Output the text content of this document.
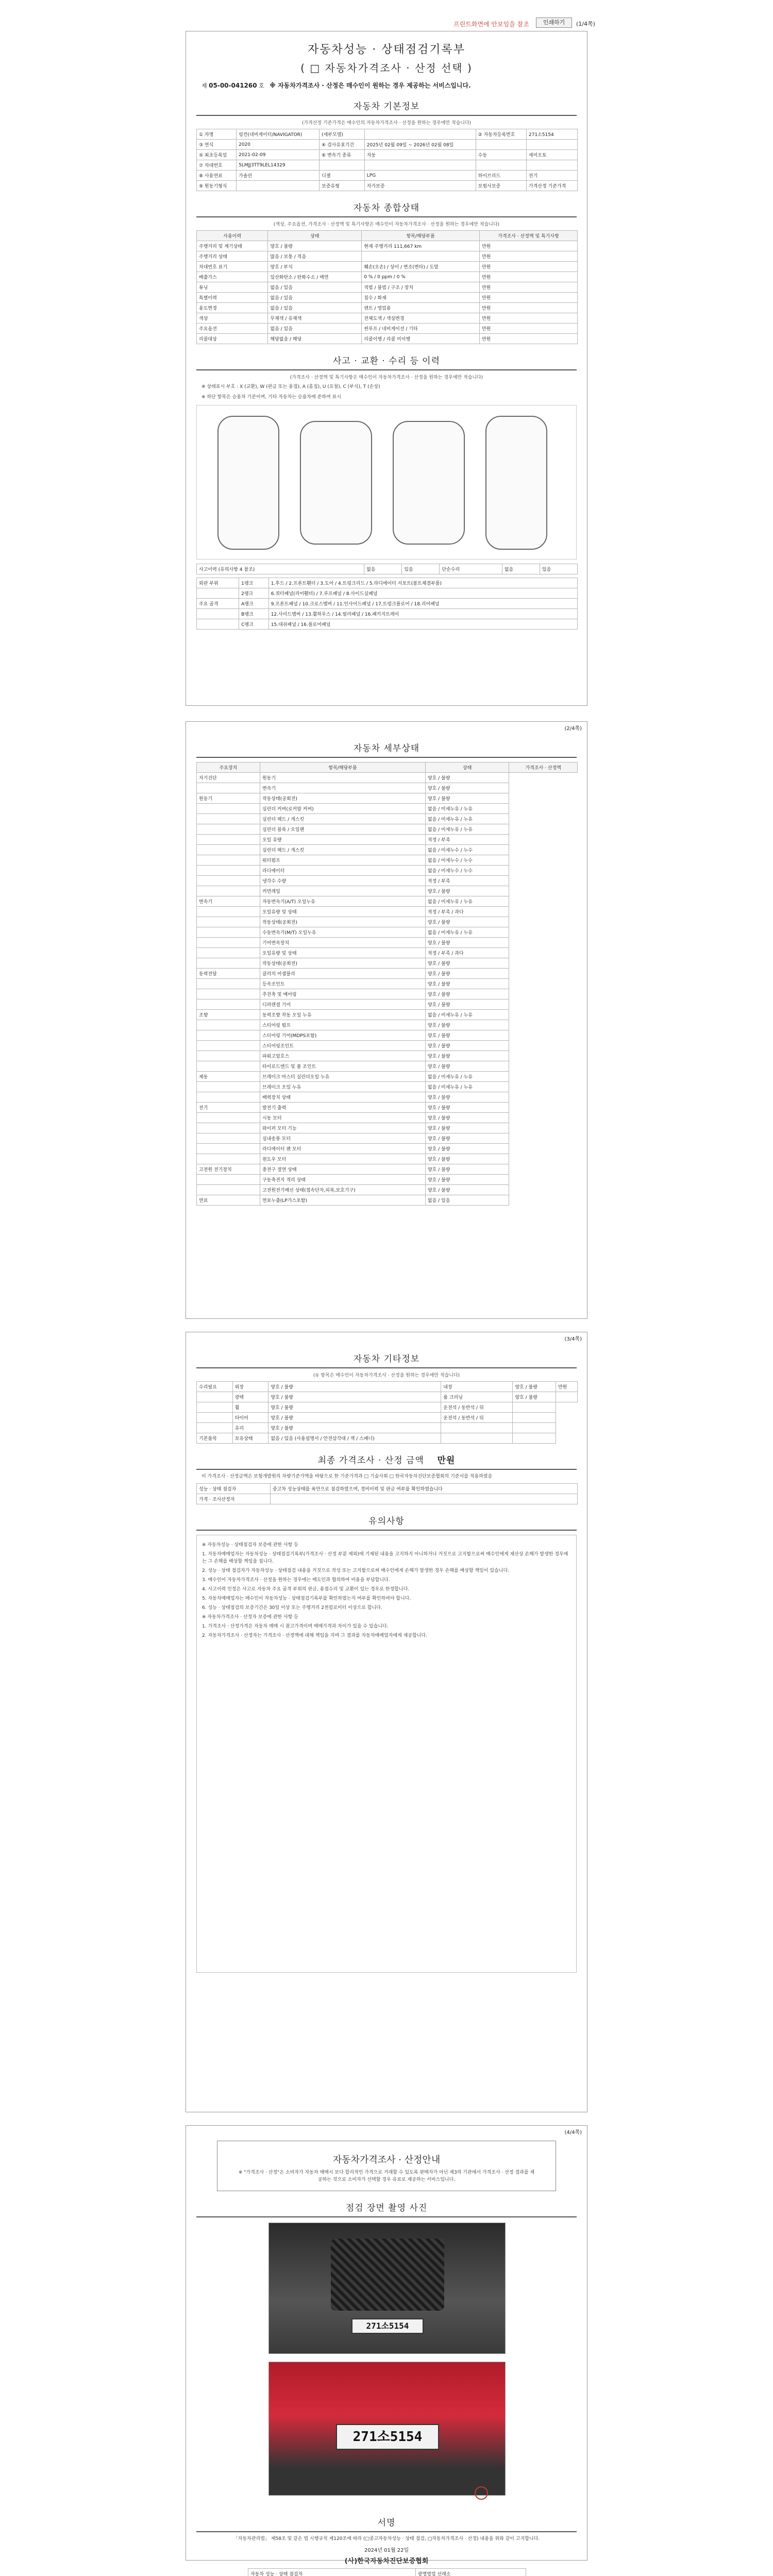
프린트화면에 안보임을 참조	인쇄하기	(1/4쪽)
자동차성능 · 상태점검기록부
( □ 자동차가격조사 · 산정 선택 )
제 05-00-041260 호 ※ 자동차가격조사 · 산정은 매수인이 원하는 경우 제공하는 서비스입니다.
자동차 기본정보
(가격산정 기준가격은 매수인의 자동차가격조사 · 산정을 원하는 경우에만 적습니다)
① 차명	링컨(네비게이터/NAVIGATOR)	(세부모델)		② 자동차등록번호	271소5154
③ 연식	2020	④ 검사유효기간	2025년 02월 09일 ~ 2026년 02월 08일		
⑤ 최초등록일	2021-02-09	⑥ 변속기 종류	자동	수동	세미오토
⑦ 차대번호	5LMJJ3TT9LEL14329				
⑧ 사용연료	가솔린	디젤	LPG	하이브리드	전기
⑨ 원동기형식		보증유형	자가보증	보험사보증	가격산정 기준가격
자동차 종합상태
(색상, 주요옵션, 가격조사 · 산정액 및 특기사항은 매수인이 자동차가격조사 · 산정을 원하는 경우에만 적습니다)
사용이력	상태	항목/해당부품	가격조사 · 산정액 및 특기사항
주행거리 및 계기상태	양호 / 불량	현재 주행거리 111,667 km	만원
주행거리 상태	많음 / 보통 / 적음		만원
차대번호 표기	양호 / 부식	훼손(오손) / 상이 / 변조(변타) / 도말	만원
배출가스	일산화탄소 / 탄화수소 / 매연	0 % / 0 ppm / 0 %	만원
튜닝	없음 / 있음	적법 / 불법 / 구조 / 장치	만원
특별이력	없음 / 있음	침수 / 화재	만원
용도변경	없음 / 있음	렌트 / 영업용	만원
색상	무채색 / 유채색	전체도색 / 색상변경	만원
주요옵션	없음 / 있음	썬루프 / 네비게이션 / 기타	만원
리콜대상	해당없음 / 해당	리콜이행 / 리콜 미이행	만원
사고 · 교환 · 수리 등 이력
(가격조사 · 산정액 및 특기사항은 매수인이 자동차가격조사 · 산정을 원하는 경우에만 적습니다)
※ 상태표시 부호 : X (교환), W (판금 또는 용접), A (흠집), U (요철), C (부식), T (손상)
※ 하단 항목은 승용차 기준이며, 기타 자동차는 승용차에 준하여 표시
사고이력 (유의사항 4 참조)	없음	있음	단순수리	없음	있음
외판 부위	1랭크	1.후드 / 2.프론트휀더 / 3.도어 / 4.트렁크리드 / 5.라디에이터 서포트(볼트체결부품)
	2랭크	6.쿼터패널(리어휀더) / 7.루프패널 / 8.사이드실패널
주요 골격	A랭크	9.프론트패널 / 10.크로스멤버 / 11.인사이드패널 / 17.트렁크플로어 / 18.리어패널
	B랭크	12.사이드멤버 / 13.휠하우스 / 14.필러패널 / 16.패키지트레이
	C랭크	15.대쉬패널 / 16.플로어패널
(2/4쪽)
자동차 세부상태
주요장치	항목/해당부품	상태	가격조사 · 산정액
자기진단	원동기	양호 / 불량	
	변속기	양호 / 불량	
원동기	작동상태(공회전)	양호 / 불량	
	실린더 커버(로커암 커버)	없음 / 미세누유 / 누유	
	실린더 헤드 / 개스킷	없음 / 미세누유 / 누유	
	실린더 블록 / 오일팬	없음 / 미세누유 / 누유	
	오일 유량	적정 / 부족	
	실린더 헤드 / 개스킷	없음 / 미세누수 / 누수	
	워터펌프	없음 / 미세누수 / 누수	
	라디에이터	없음 / 미세누수 / 누수	
	냉각수 수량	적정 / 부족	
	커먼레일	양호 / 불량	
변속기	자동변속기(A/T) 오일누유	없음 / 미세누유 / 누유	
	오일유량 및 상태	적정 / 부족 / 과다	
	작동상태(공회전)	양호 / 불량	
	수동변속기(M/T) 오일누유	없음 / 미세누유 / 누유	
	기어변속장치	양호 / 불량	
	오일유량 및 상태	적정 / 부족 / 과다	
	작동상태(공회전)	양호 / 불량	
동력전달	클러치 어셈블리	양호 / 불량	
	등속조인트	양호 / 불량	
	추진축 및 베어링	양호 / 불량	
	디퍼렌셜 기어	양호 / 불량	
조향	동력조향 작동 오일 누유	없음 / 미세누유 / 누유	
	스티어링 펌프	양호 / 불량	
	스티어링 기어(MDPS포함)	양호 / 불량	
	스티어링조인트	양호 / 불량	
	파워고압호스	양호 / 불량	
	타이로드엔드 및 볼 조인트	양호 / 불량	
제동	브레이크 마스터 실린더오일 누유	없음 / 미세누유 / 누유	
	브레이크 오일 누유	없음 / 미세누유 / 누유	
	배력장치 상태	양호 / 불량	
전기	발전기 출력	양호 / 불량	
	시동 모터	양호 / 불량	
	와이퍼 모터 기능	양호 / 불량	
	실내송풍 모터	양호 / 불량	
	라디에이터 팬 모터	양호 / 불량	
	윈도우 모터	양호 / 불량	
고전원 전기장치	충전구 절연 상태	양호 / 불량	
	구동축전지 격리 상태	양호 / 불량	
	고전원전기배선 상태(접속단자,피복,보호기구)	양호 / 불량	
연료	연료누출(LP가스포함)	없음 / 있음	
(3/4쪽)
자동차 기타정보
(① 항목은 매수인이 자동차가격조사 · 산정을 원하는 경우에만 적습니다)
수리필요	외장	양호 / 불량	내장	양호 / 불량	만원
	광택	양호 / 불량	룸 크리닝	양호 / 불량	
	휠	양호 / 불량	운전석 / 동반석 / 뒤		
	타이어	양호 / 불량	운전석 / 동반석 / 뒤		
	유리	양호 / 불량			
기본품목	보유상태	없음 / 있음 (사용설명서 / 안전삼각대 / 잭 / 스패너)			
최종 가격조사 · 산정 금액 만원
이 가격조사 · 산정금액은 보험개발원의 차량기준가액을 바탕으로 한 기준가격과 □ 기술사회 □ 한국자동차진단보증협회의 기준서를 적용하였음
성능 · 상태 점검자	중고차 성능상태를 육안으로 점검하였으며, 정비이력 및 판금 여부를 확인하였습니다
가격 · 조사산정자	
유의사항
※ 자동차성능 · 상태점검자 보증에 관한 사항 등
1. 자동차매매업자는 자동차성능 · 상태점검기록부(가격조사 · 산정 부분 제외)에 기재된 내용을 고지하지 아니하거나 거짓으로 고지함으로써 매수인에게 재산상 손해가 발생한 경우에는 그 손해를 배상할 책임을 집니다.
2. 성능 · 상태 점검자가 자동차성능 · 상태점검 내용을 거짓으로 작성 또는 고지함으로써 매수인에게 손해가 발생한 경우 손해를 배상할 책임이 있습니다.
3. 매수인이 자동차가격조사 · 산정을 원하는 경우에는 매도인과 협의하여 비용을 부담합니다.
4. 사고이력 인정은 사고로 자동차 주요 골격 부위의 판금, 용접수리 및 교환이 있는 경우로 한정합니다.
5. 자동차매매업자는 매수인이 자동차성능 · 상태점검기록부를 확인하였는지 여부를 확인하여야 합니다.
6. 성능 · 상태점검의 보증기간은 30일 이상 또는 주행거리 2천킬로미터 이상으로 합니다.
※ 자동차가격조사 · 산정자 보증에 관한 사항 등
1. 가격조사 · 산정가격은 자동차 매매 시 참고가격이며 매매가격과 차이가 있을 수 있습니다.
2. 자동차가격조사 · 산정자는 가격조사 · 산정액에 대해 책임을 지며 그 결과를 자동차매매업자에게 제공합니다.
(4/4쪽)
자동차가격조사 · 산정안내
※ "가격조사 · 산정"은 소비자가 자동차 매매시 보다 합리적인 가격으로 거래할 수 있도록 판매자가 아닌 제3의 기관에서 가격조사 · 산정 결과를 제공하는 것으로 소비자가 선택할 경우 유료로 제공하는 서비스입니다.
점검 장면 촬영 사진
271소5154
271소5154
서명
「자동차관리법」 제58조 및 같은 법 시행규칙 제120조에 따라 (□중고자동차성능 · 상태 점검, □자동차가격조사 · 산정) 내용을 위와 같이 고지합니다.
2024년 01월 22일
(사)한국자동차진단보증협회
자동차 성능 · 상태 점검자	광명영업 선래소
